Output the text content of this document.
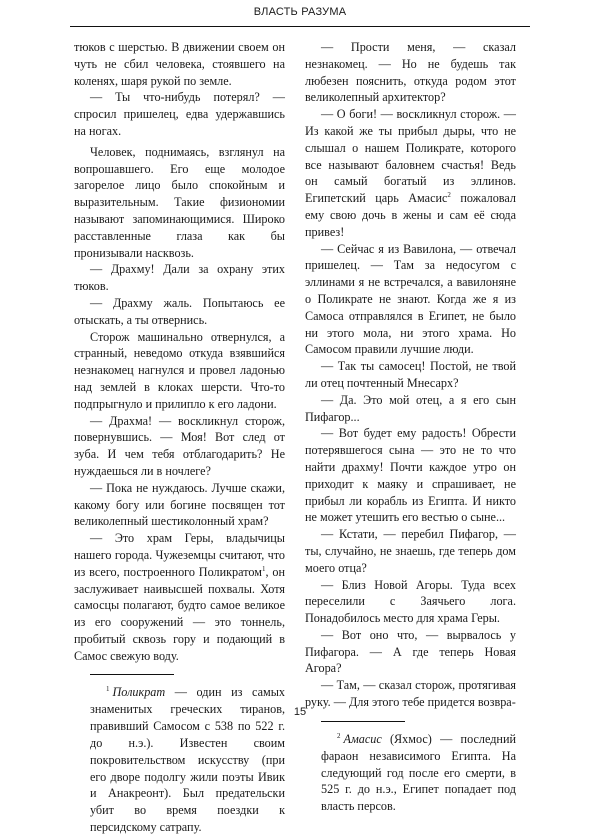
ВЛАСТЬ РАЗУМА

тюков с шерстью. В движении своем он чуть не сбил человека, стоявшего на коленях, шаря рукой по земле.

— Ты что-нибудь потерял? — спросил пришелец, едва удержавшись на ногах.

Человек, поднимаясь, взглянул на вопрошавшего. Его еще молодое загорелое лицо было спокойным и выразительным. Такие физиономии называют запоминающимися. Широко расставленные глаза как бы пронизывали насквозь.

— Драхму! Дали за охрану этих тюков.

— Драхму жаль. Попытаюсь ее отыскать, а ты отвернись.

Сторож машинально отвернулся, а странный, неведомо откуда взявшийся незнакомец нагнулся и провел ладонью над землей в клоках шерсти. Что-то подпрыгнуло и прилипло к его ладони.

— Драхма! — воскликнул сторож, повернувшись. — Моя! Вот след от зуба. И чем тебя отблагодарить? Не нуждаешься ли в ночлеге?

— Пока не нуждаюсь. Лучше скажи, какому богу или богине посвящен тот великолепный шестиколонный храм?

— Это храм Геры, владычицы нашего города. Чужеземцы считают, что из всего, построенного Поликратом$^1$, он заслуживает наивысшей похвалы. Хотя самосцы полагают, будто самое великое из его сооружений — это тоннель, пробитый сквозь гору и подающий в Самос свежую воду.

$^1$ Поликрат — один из самых знаменитых греческих тиранов, правивший Самосом с 538 по 522 г. до н.э.). Известен своим покровительством искусству (при его дворе подолгу жили поэты Ивик и Анакреонт). Был предательски убит во время поездки к персидскому сатрапу.

— Прости меня, — сказал незнакомец. — Но не будешь так любезен пояснить, откуда родом этот великолепный архитектор?

— О боги! — воскликнул сторож. — Из какой же ты прибыл дыры, что не слышал о нашем Поликрате, которого все называют баловнем счастья! Ведь он самый богатый из эллинов. Египетский царь Амасис$^2$ пожаловал ему свою дочь в жены и сам её сюда привез!

— Сейчас я из Вавилона, — отвечал пришелец. — Там за недосугом с эллинами я не встречался, а вавилоняне о Поликрате не знают. Когда же я из Самоса отправлялся в Египет, не было ни этого мола, ни этого храма. Но Самосом правили лучшие люди.

— Так ты самосец! Постой, не твой ли отец почтенный Мнесарх?

— Да. Это мой отец, а я его сын Пифагор...

— Вот будет ему радость! Обрести потерявшегося сына — это не то что найти драхму! Почти каждое утро он приходит к маяку и спрашивает, не прибыл ли корабль из Египта. И никто не может утешить его вестью о сыне...

— Кстати, — перебил Пифагор, — ты, случайно, не знаешь, где теперь дом моего отца?

— Близ Новой Агоры. Туда всех переселили с Заячьего лога. Понадобилось место для храма Геры.

— Вот оно что, — вырвалось у Пифагора. — А где теперь Новая Агора?

— Там, — сказал сторож, протягивая руку. — Для этого тебе придется возвра-

$^2$ Амасис (Яхмос) — последний фараон независимого Египта. На следующий год после его смерти, в 525 г. до н.э., Египет попадает под власть персов.

15
